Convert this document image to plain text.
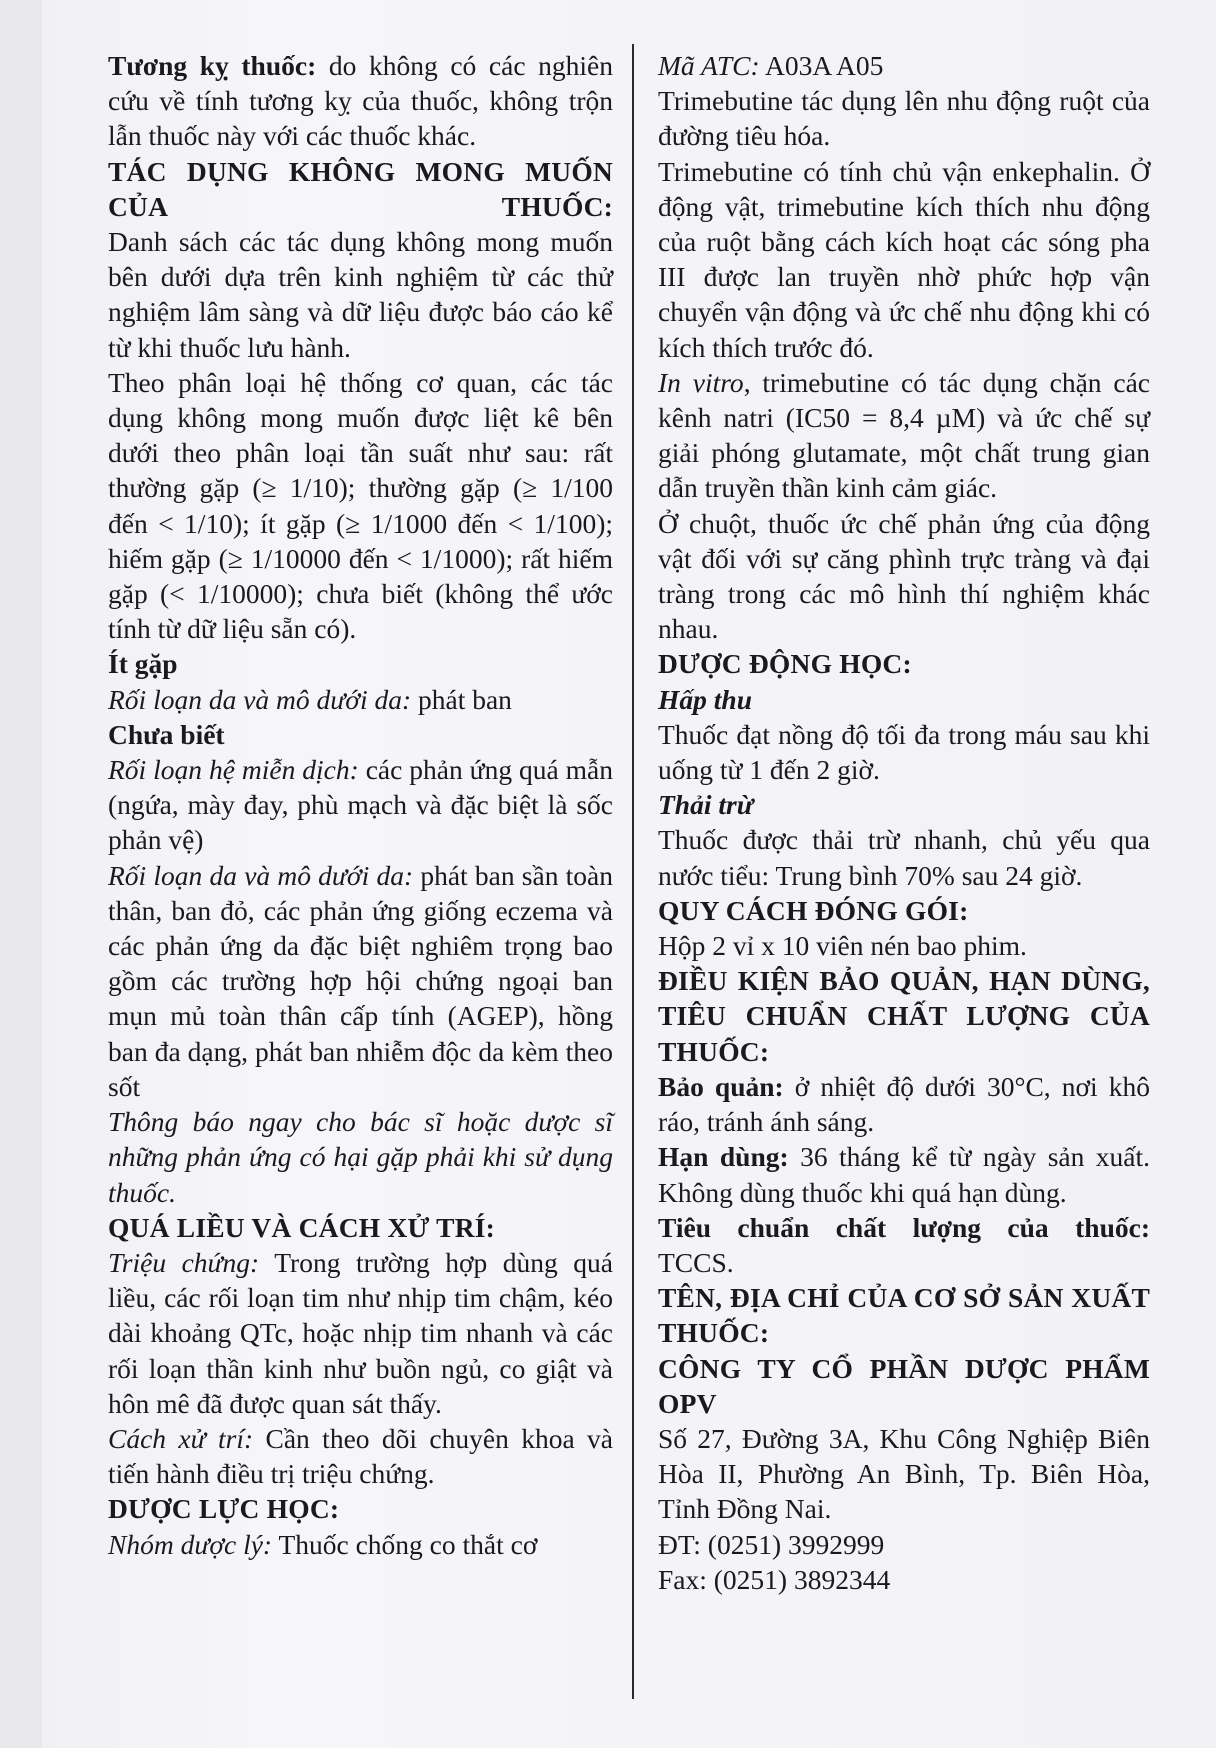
Tương kỵ thuốc: do không có các nghiên cứu về tính tương kỵ của thuốc, không trộn lẫn thuốc này với các thuốc khác.

TÁC DỤNG KHÔNG MONG MUỐN CỦA THUỐC:

Danh sách các tác dụng không mong muốn bên dưới dựa trên kinh nghiệm từ các thử nghiệm lâm sàng và dữ liệu được báo cáo kể từ khi thuốc lưu hành.

Theo phân loại hệ thống cơ quan, các tác dụng không mong muốn được liệt kê bên dưới theo phân loại tần suất như sau: rất thường gặp (≥ 1/10); thường gặp (≥ 1/100 đến < 1/10); ít gặp (≥ 1/1000 đến < 1/100); hiếm gặp (≥ 1/10000 đến < 1/1000); rất hiếm gặp (< 1/10000); chưa biết (không thể ước tính từ dữ liệu sẵn có).

Ít gặp

Rối loạn da và mô dưới da: phát ban

Chưa biết

Rối loạn hệ miễn dịch: các phản ứng quá mẫn (ngứa, mày đay, phù mạch và đặc biệt là sốc phản vệ)

Rối loạn da và mô dưới da: phát ban sần toàn thân, ban đỏ, các phản ứng giống eczema và các phản ứng da đặc biệt nghiêm trọng bao gồm các trường hợp hội chứng ngoại ban mụn mủ toàn thân cấp tính (AGEP), hồng ban đa dạng, phát ban nhiễm độc da kèm theo sốt

Thông báo ngay cho bác sĩ hoặc dược sĩ những phản ứng có hại gặp phải khi sử dụng thuốc.

QUÁ LIỀU VÀ CÁCH XỬ TRÍ:

Triệu chứng: Trong trường hợp dùng quá liều, các rối loạn tim như nhịp tim chậm, kéo dài khoảng QTc, hoặc nhịp tim nhanh và các rối loạn thần kinh như buồn ngủ, co giật và hôn mê đã được quan sát thấy.

Cách xử trí: Cần theo dõi chuyên khoa và tiến hành điều trị triệu chứng.

DƯỢC LỰC HỌC:

Nhóm dược lý: Thuốc chống co thắt cơ

Mã ATC: A03A A05

Trimebutine tác dụng lên nhu động ruột của đường tiêu hóa.

Trimebutine có tính chủ vận enkephalin. Ở động vật, trimebutine kích thích nhu động của ruột bằng cách kích hoạt các sóng pha III được lan truyền nhờ phức hợp vận chuyển vận động và ức chế nhu động khi có kích thích trước đó.

In vitro, trimebutine có tác dụng chặn các kênh natri (IC50 = 8,4 µM) và ức chế sự giải phóng glutamate, một chất trung gian dẫn truyền thần kinh cảm giác.

Ở chuột, thuốc ức chế phản ứng của động vật đối với sự căng phình trực tràng và đại tràng trong các mô hình thí nghiệm khác nhau.

DƯỢC ĐỘNG HỌC:

Hấp thu

Thuốc đạt nồng độ tối đa trong máu sau khi uống từ 1 đến 2 giờ.

Thải trừ

Thuốc được thải trừ nhanh, chủ yếu qua nước tiểu: Trung bình 70% sau 24 giờ.

QUY CÁCH ĐÓNG GÓI:

Hộp 2 vỉ x 10 viên nén bao phim.

ĐIỀU KIỆN BẢO QUẢN, HẠN DÙNG, TIÊU CHUẨN CHẤT LƯỢNG CỦA THUỐC:

Bảo quản: ở nhiệt độ dưới 30°C, nơi khô ráo, tránh ánh sáng.

Hạn dùng: 36 tháng kể từ ngày sản xuất. Không dùng thuốc khi quá hạn dùng.

Tiêu chuẩn chất lượng của thuốc:

TCCS.

TÊN, ĐỊA CHỈ CỦA CƠ SỞ SẢN XUẤT THUỐC:

CÔNG TY CỔ PHẦN DƯỢC PHẨM OPV

Số 27, Đường 3A, Khu Công Nghiệp Biên Hòa II, Phường An Bình, Tp. Biên Hòa, Tỉnh Đồng Nai.

ĐT: (0251) 3992999

Fax: (0251) 3892344
